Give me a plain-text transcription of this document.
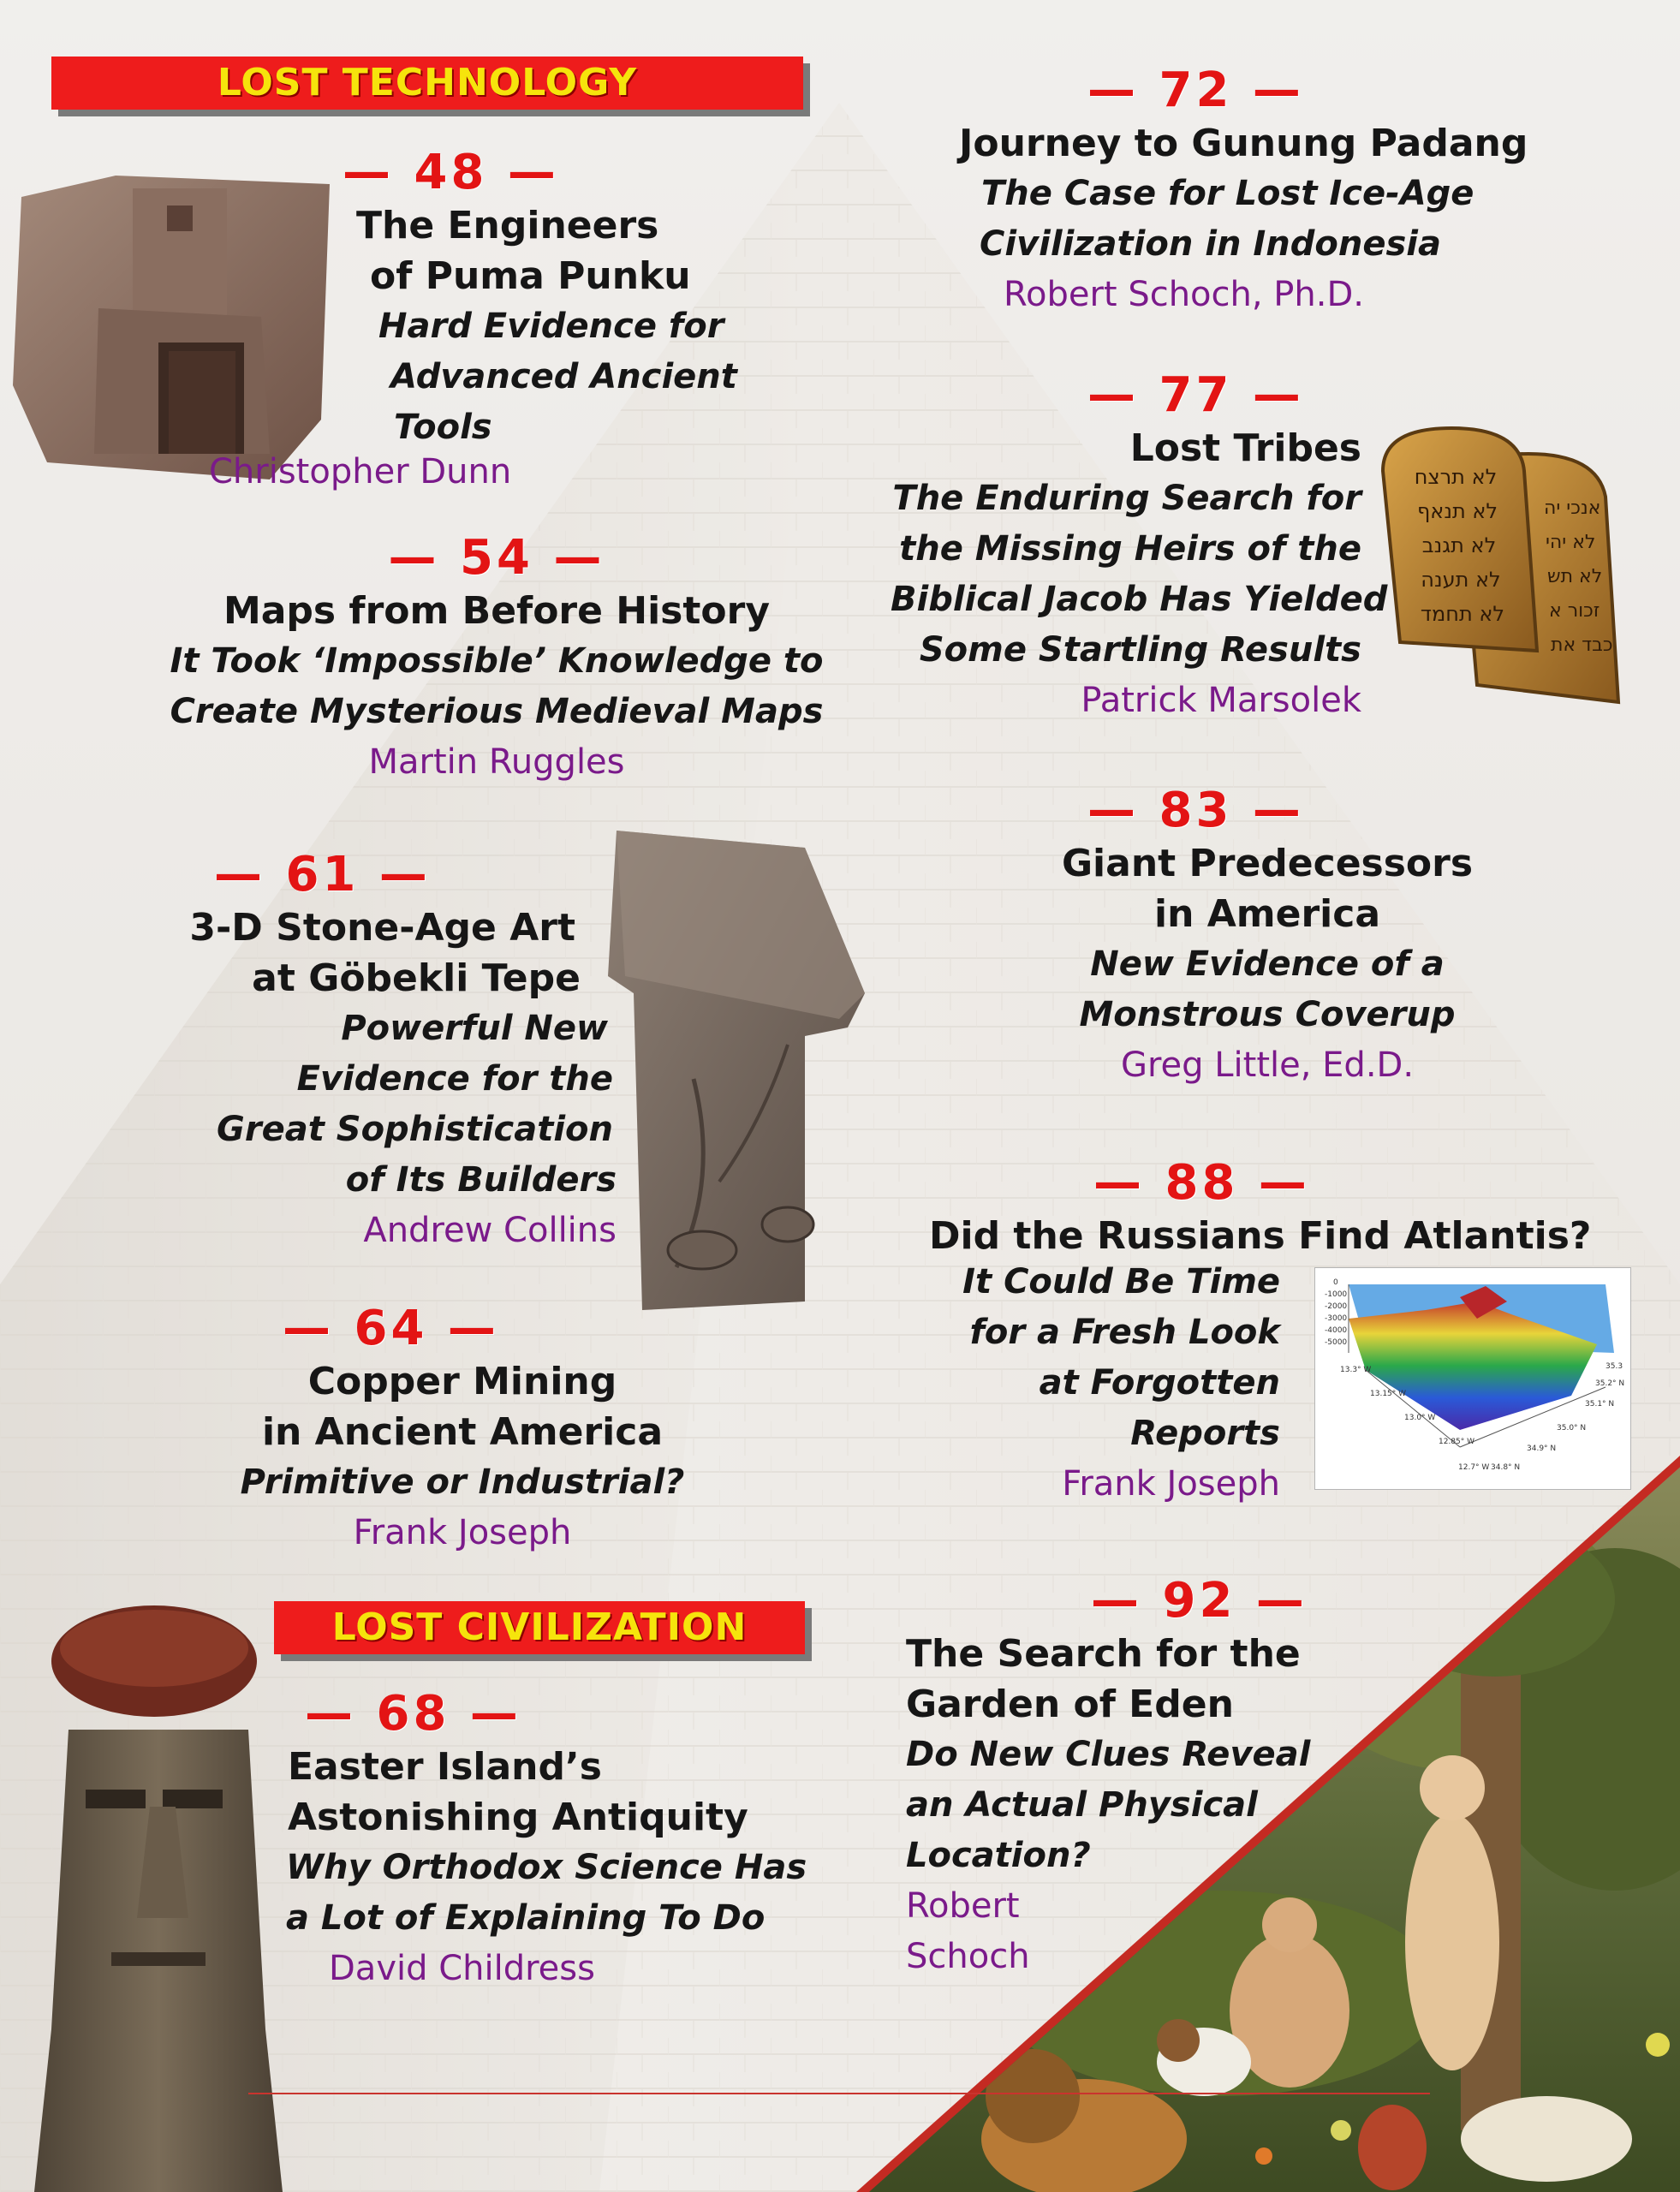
LOST TECHNOLOGY
— 48 —
The Engineers
of Puma Punku
Hard Evidence for
Advanced Ancient
Tools
Christopher Dunn
— 54 —
Maps from Before History
It Took ‘Impossible’ Knowledge to
Create Mysterious Medieval Maps
Martin Ruggles
— 61 —
3-D Stone-Age Art
at Göbekli Tepe
Powerful New
Evidence for the
Great Sophistication
of Its Builders
Andrew Collins
— 64 —
Copper Mining
in Ancient America
Primitive or Industrial?
Frank Joseph
LOST CIVILIZATION
— 68 —
Easter Island’s
Astonishing Antiquity
Why Orthodox Science Has
a Lot of Explaining To Do
David Childress
— 72 —
Journey to Gunung Padang
The Case for Lost Ice-Age
Civilization in Indonesia
Robert Schoch, Ph.D.
לא תרצח
לא תנאף
לא תגנב
לא תענה
לא תחמד
אנכי יה
לא יהי
לא תש
זכור א
כבד את
— 77 —
Lost Tribes
The Enduring Search for
the Missing Heirs of the
Biblical Jacob Has Yielded
Some Startling Results
Patrick Marsolek
— 83 —
Giant Predecessors
in America
New Evidence of a
Monstrous Coverup
Greg Little, Ed.D.
— 88 —
Did the Russians Find Atlantis?
It Could Be Time
for a Fresh Look
at Forgotten
Reports
Frank Joseph
0
-1000
-2000
-3000
-4000
-5000
13.3° W
13.15° W
13.0° W
12.85° W
12.7° W 34.8° N
34.9° N
35.0° N
35.1° N
35.2° N
35.3
— 92 —
The Search for the
Garden of Eden
Do New Clues Reveal
an Actual Physical
Location?
Robert
Schoch
